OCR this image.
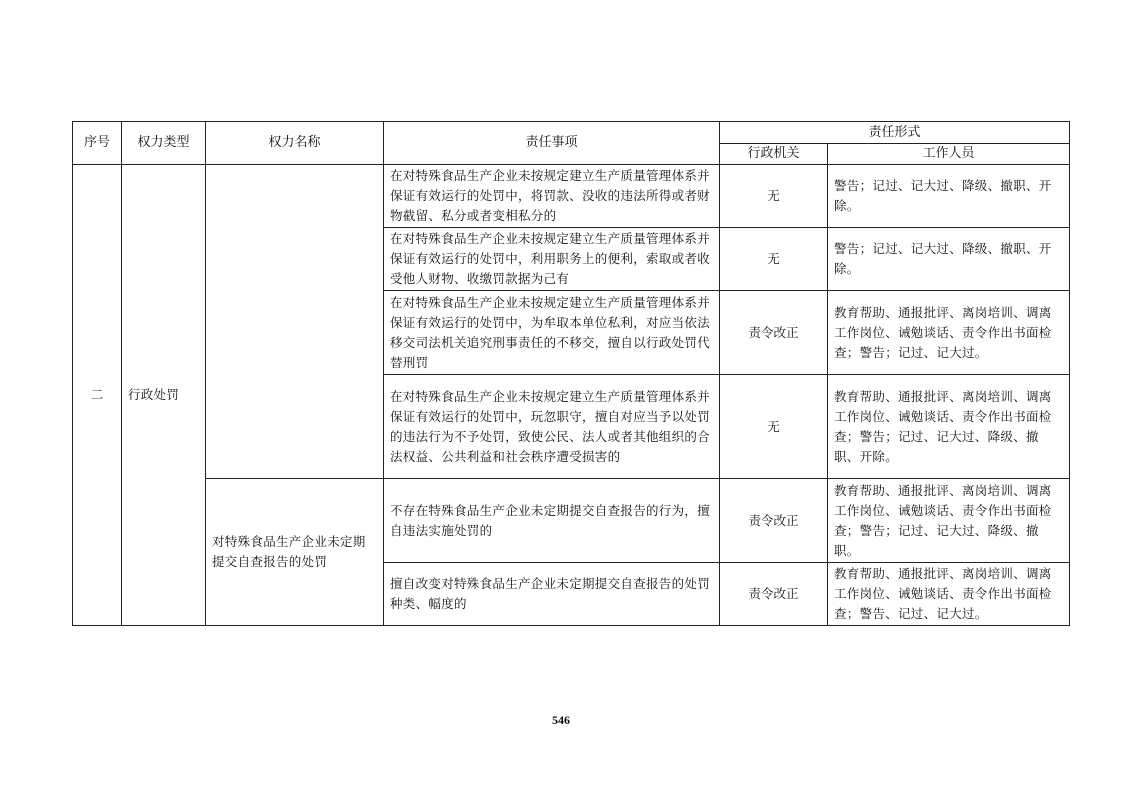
序号	权力类型	权力名称	责任事项	责任形式	
				行政机关	工作人员
二	行政处罚		在对特殊食品生产企业未按规定建立生产质量管理体系并保证有效运行的处罚中，将罚款、没收的违法所得或者财物截留、私分或者变相私分的	无	警告；记过、记大过、降级、撤职、开除。
			在对特殊食品生产企业未按规定建立生产质量管理体系并保证有效运行的处罚中，利用职务上的便利，索取或者收受他人财物、收缴罚款据为己有	无	警告；记过、记大过、降级、撤职、开除。
			在对特殊食品生产企业未按规定建立生产质量管理体系并保证有效运行的处罚中，为牟取本单位私利，对应当依法移交司法机关追究刑事责任的不移交，擅自以行政处罚代替刑罚	责令改正	教育帮助、通报批评、离岗培训、调离工作岗位、诫勉谈话、责令作出书面检查；警告；记过、记大过。
			在对特殊食品生产企业未按规定建立生产质量管理体系并保证有效运行的处罚中，玩忽职守，擅自对应当予以处罚的违法行为不予处罚，致使公民、法人或者其他组织的合法权益、公共利益和社会秩序遭受损害的	无	教育帮助、通报批评、离岗培训、调离工作岗位、诫勉谈话、责令作出书面检查；警告；记过、记大过、降级、撤职、开除。
		对特殊食品生产企业未定期提交自查报告的处罚	不存在特殊食品生产企业未定期提交自查报告的行为，擅自违法实施处罚的	责令改正	教育帮助、通报批评、离岗培训、调离工作岗位、诫勉谈话、责令作出书面检查；警告；记过、记大过、降级、撤职。
			擅自改变对特殊食品生产企业未定期提交自查报告的处罚种类、幅度的	责令改正	教育帮助、通报批评、离岗培训、调离工作岗位、诫勉谈话、责令作出书面检查；警告、记过、记大过。
546
